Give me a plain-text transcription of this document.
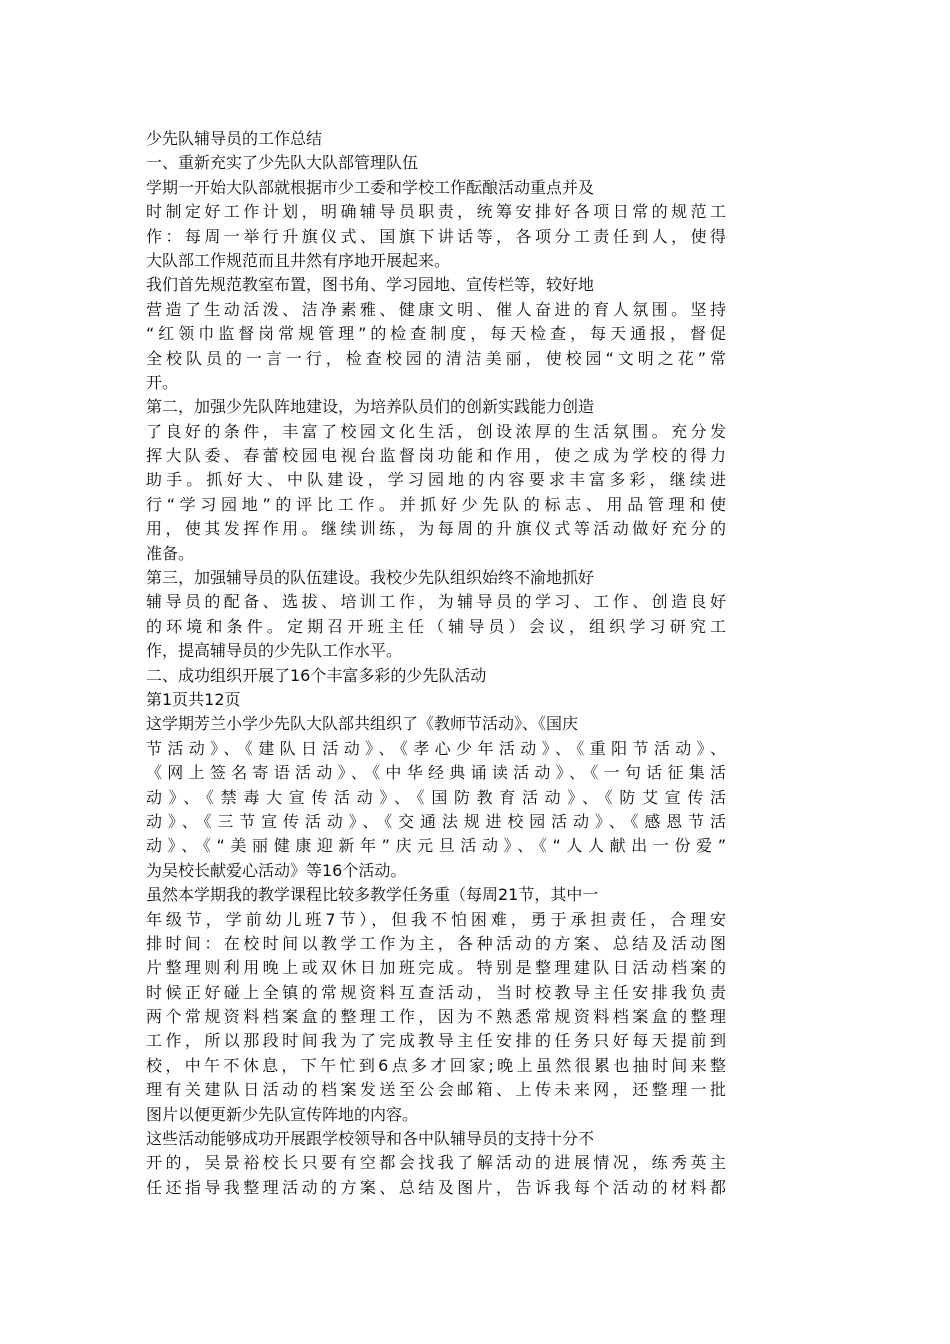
少先队辅导员的工作总结
一、重新充实了少先队大队部管理队伍
学期一开始大队部就根据市少工委和学校工作酝酿活动重点并及
时制定好工作计划，明确辅导员职责，统筹安排好各项日常的规范工
作：每周一举行升旗仪式、国旗下讲话等，各项分工责任到人，使得
大队部工作规范而且井然有序地开展起来。
我们首先规范教室布置，图书角、学习园地、宣传栏等，较好地
营造了生动活泼、洁净素雅、健康文明、催人奋进的育人氛围。坚持
“红领巾监督岗常规管理”的检查制度，每天检查，每天通报，督促
全校队员的一言一行，检查校园的清洁美丽，使校园“文明之花”常
开。
第二，加强少先队阵地建设，为培养队员们的创新实践能力创造
了良好的条件，丰富了校园文化生活，创设浓厚的生活氛围。充分发
挥大队委、春蕾校园电视台监督岗功能和作用，使之成为学校的得力
助手。抓好大、中队建设，学习园地的内容要求丰富多彩，继续进
行“学习园地”的评比工作。并抓好少先队的标志、用品管理和使
用，使其发挥作用。继续训练，为每周的升旗仪式等活动做好充分的
准备。
第三，加强辅导员的队伍建设。我校少先队组织始终不渝地抓好
辅导员的配备、选拔、培训工作，为辅导员的学习、工作、创造良好
的环境和条件。定期召开班主任（辅导员）会议，组织学习研究工
作，提高辅导员的少先队工作水平。
二、成功组织开展了16个丰富多彩的少先队活动
第1页共12页
这学期芳兰小学少先队大队部共组织了《教师节活动》、《国庆
节活动》、《建队日活动》、《孝心少年活动》、《重阳节活动》、
《网上签名寄语活动》、《中华经典诵读活动》、《一句话征集活
动》、《禁毒大宣传活动》、《国防教育活动》、《防艾宣传活
动》、《三节宣传活动》、《交通法规进校园活动》、《感恩节活
动》、《“美丽健康迎新年”庆元旦活动》、《“人人献出一份爱”
为吴校长献爱心活动》等16个活动。
虽然本学期我的教学课程比较多教学任务重（每周21节，其中一
年级节，学前幼儿班7节），但我不怕困难，勇于承担责任，合理安
排时间：在校时间以教学工作为主，各种活动的方案、总结及活动图
片整理则利用晚上或双休日加班完成。特别是整理建队日活动档案的
时候正好碰上全镇的常规资料互查活动，当时校教导主任安排我负责
两个常规资料档案盒的整理工作，因为不熟悉常规资料档案盒的整理
工作，所以那段时间我为了完成教导主任安排的任务只好每天提前到
校，中午不休息，下午忙到6点多才回家;晚上虽然很累也抽时间来整
理有关建队日活动的档案发送至公会邮箱、上传未来网，还整理一批
图片以便更新少先队宣传阵地的内容。
这些活动能够成功开展跟学校领导和各中队辅导员的支持十分不
开的，吴景裕校长只要有空都会找我了解活动的进展情况，练秀英主
任还指导我整理活动的方案、总结及图片，告诉我每个活动的材料都
